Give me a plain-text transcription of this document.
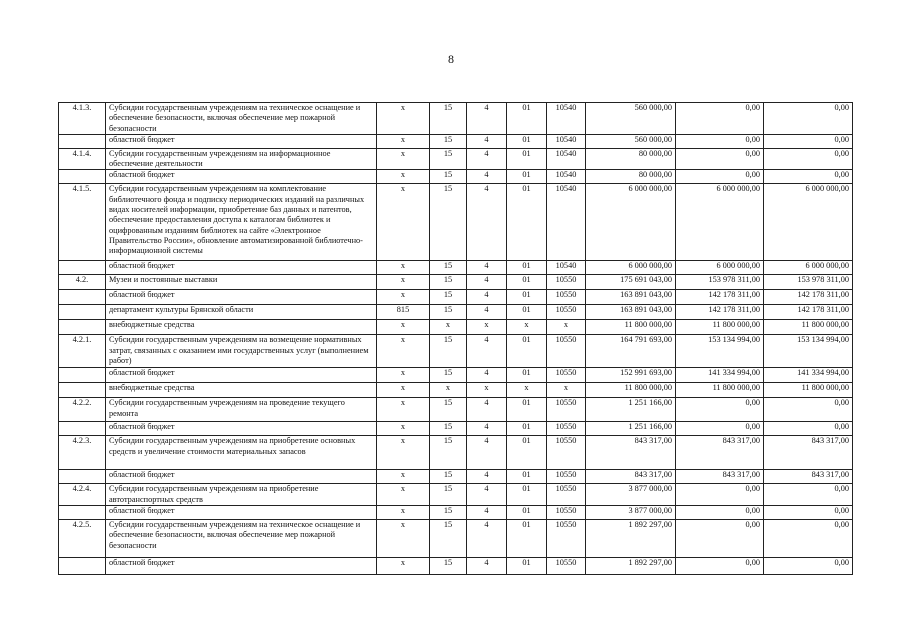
8
4.1.3.	Субсидии государственным учреждениям на техническое оснащение и обеспечение безопасности, включая обеспечение мер пожарной безопасности	х	15	4	01	10540	560 000,00	0,00	0,00
	областной бюджет	х	15	4	01	10540	560 000,00	0,00	0,00
4.1.4.	Субсидии государственным учреждениям на информационное обеспечение деятельности	х	15	4	01	10540	80 000,00	0,00	0,00
	областной бюджет	х	15	4	01	10540	80 000,00	0,00	0,00
4.1.5.	Субсидии государственным учреждениям на комплектование библиотечного фонда и подписку периодических изданий на различных видах носителей информации, приобретение баз данных и патентов, обеспечение предоставления доступа к каталогам библиотек и оцифрованным изданиям библиотек на сайте «Электронное Правительство России», обновление автоматизированной библиотечно-информационной системы	х	15	4	01	10540	6 000 000,00	6 000 000,00	6 000 000,00
	областной бюджет	х	15	4	01	10540	6 000 000,00	6 000 000,00	6 000 000,00
4.2.	Музеи и постоянные выставки	х	15	4	01	10550	175 691 043,00	153 978 311,00	153 978 311,00
	областной бюджет	х	15	4	01	10550	163 891 043,00	142 178 311,00	142 178 311,00
	департамент культуры Брянской области	815	15	4	01	10550	163 891 043,00	142 178 311,00	142 178 311,00
	внебюджетные средства	х	х	х	х	х	11 800 000,00	11 800 000,00	11 800 000,00
4.2.1.	Субсидии государственным учреждениям на возмещение нормативных затрат, связанных с оказанием ими государственных услуг (выполнением работ)	х	15	4	01	10550	164 791 693,00	153 134 994,00	153 134 994,00
	областной бюджет	х	15	4	01	10550	152 991 693,00	141 334 994,00	141 334 994,00
	внебюджетные средства	х	х	х	х	х	11 800 000,00	11 800 000,00	11 800 000,00
4.2.2.	Субсидии государственным учреждениям на проведение текущего ремонта	х	15	4	01	10550	1 251 166,00	0,00	0,00
	областной бюджет	х	15	4	01	10550	1 251 166,00	0,00	0,00
4.2.3.	Субсидии государственным учреждениям на приобретение основных средств и увеличение стоимости материальных запасов	х	15	4	01	10550	843 317,00	843 317,00	843 317,00
	областной бюджет	х	15	4	01	10550	843 317,00	843 317,00	843 317,00
4.2.4.	Субсидии государственным учреждениям на приобретение автотранспортных средств	х	15	4	01	10550	3 877 000,00	0,00	0,00
	областной бюджет	х	15	4	01	10550	3 877 000,00	0,00	0,00
4.2.5.	Субсидии государственным учреждениям на техническое оснащение и обеспечение безопасности, включая обеспечение мер пожарной безопасности	х	15	4	01	10550	1 892 297,00	0,00	0,00
	областной бюджет	х	15	4	01	10550	1 892 297,00	0,00	0,00
